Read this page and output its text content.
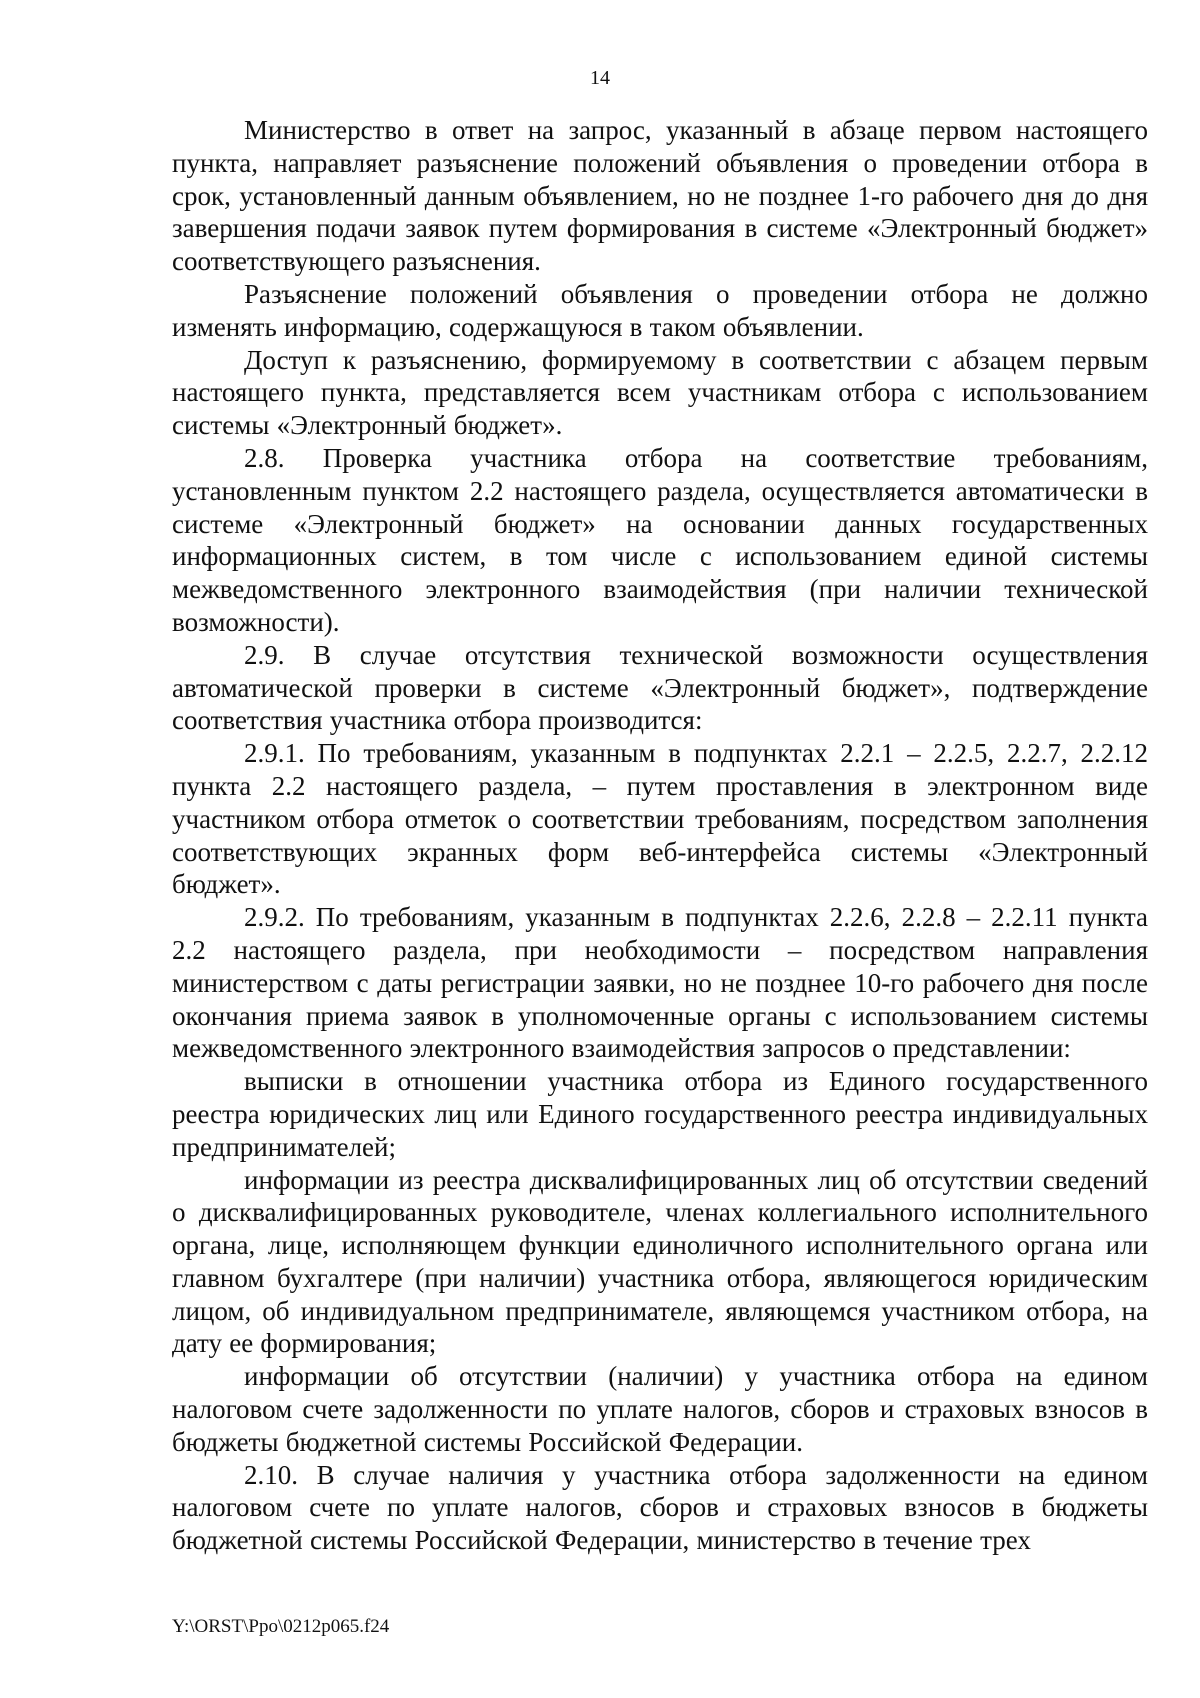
14

Министерство в ответ на запрос, указанный в абзаце первом настоящего пункта, направляет разъяснение положений объявления о проведении отбора в срок, установленный данным объявлением, но не позднее 1-го рабочего дня до дня завершения подачи заявок путем формирования в системе «Электронный бюджет» соответствующего разъяснения.

Разъяснение положений объявления о проведении отбора не должно изменять информацию, содержащуюся в таком объявлении.

Доступ к разъяснению, формируемому в соответствии с абзацем первым настоящего пункта, представляется всем участникам отбора с использованием системы «Электронный бюджет».

2.8. Проверка участника отбора на соответствие требованиям, установленным пунктом 2.2 настоящего раздела, осуществляется автоматически в системе «Электронный бюджет» на основании данных государственных информационных систем, в том числе с использованием единой системы межведомственного электронного взаимодействия (при наличии технической возможности).

2.9. В случае отсутствия технической возможности осуществления автоматической проверки в системе «Электронный бюджет», подтверждение соответствия участника отбора производится:

2.9.1. По требованиям, указанным в подпунктах 2.2.1 – 2.2.5, 2.2.7, 2.2.12 пункта 2.2 настоящего раздела, – путем проставления в электронном виде участником отбора отметок о соответствии требованиям, посредством заполнения соответствующих экранных форм веб-интерфейса системы «Электронный бюджет».

2.9.2. По требованиям, указанным в подпунктах 2.2.6, 2.2.8 – 2.2.11 пункта 2.2 настоящего раздела, при необходимости – посредством направления министерством с даты регистрации заявки, но не позднее 10-го рабочего дня после окончания приема заявок в уполномоченные органы с использованием системы межведомственного электронного взаимодействия запросов о представлении:

выписки в отношении участника отбора из Единого государственного реестра юридических лиц или Единого государственного реестра индивидуальных предпринимателей;

информации из реестра дисквалифицированных лиц об отсутствии сведений о дисквалифицированных руководителе, членах коллегиального исполнительного органа, лице, исполняющем функции единоличного исполнительного органа или главном бухгалтере (при наличии) участника отбора, являющегося юридическим лицом, об индивидуальном предпринимателе, являющемся участником отбора, на дату ее формирования;

информации об отсутствии (наличии) у участника отбора на едином налоговом счете задолженности по уплате налогов, сборов и страховых взносов в бюджеты бюджетной системы Российской Федерации.

2.10. В случае наличия у участника отбора задолженности на едином налоговом счете по уплате налогов, сборов и страховых взносов в бюджеты бюджетной системы Российской Федерации, министерство в течение трех

Y:\ORST\Ppo\0212p065.f24
